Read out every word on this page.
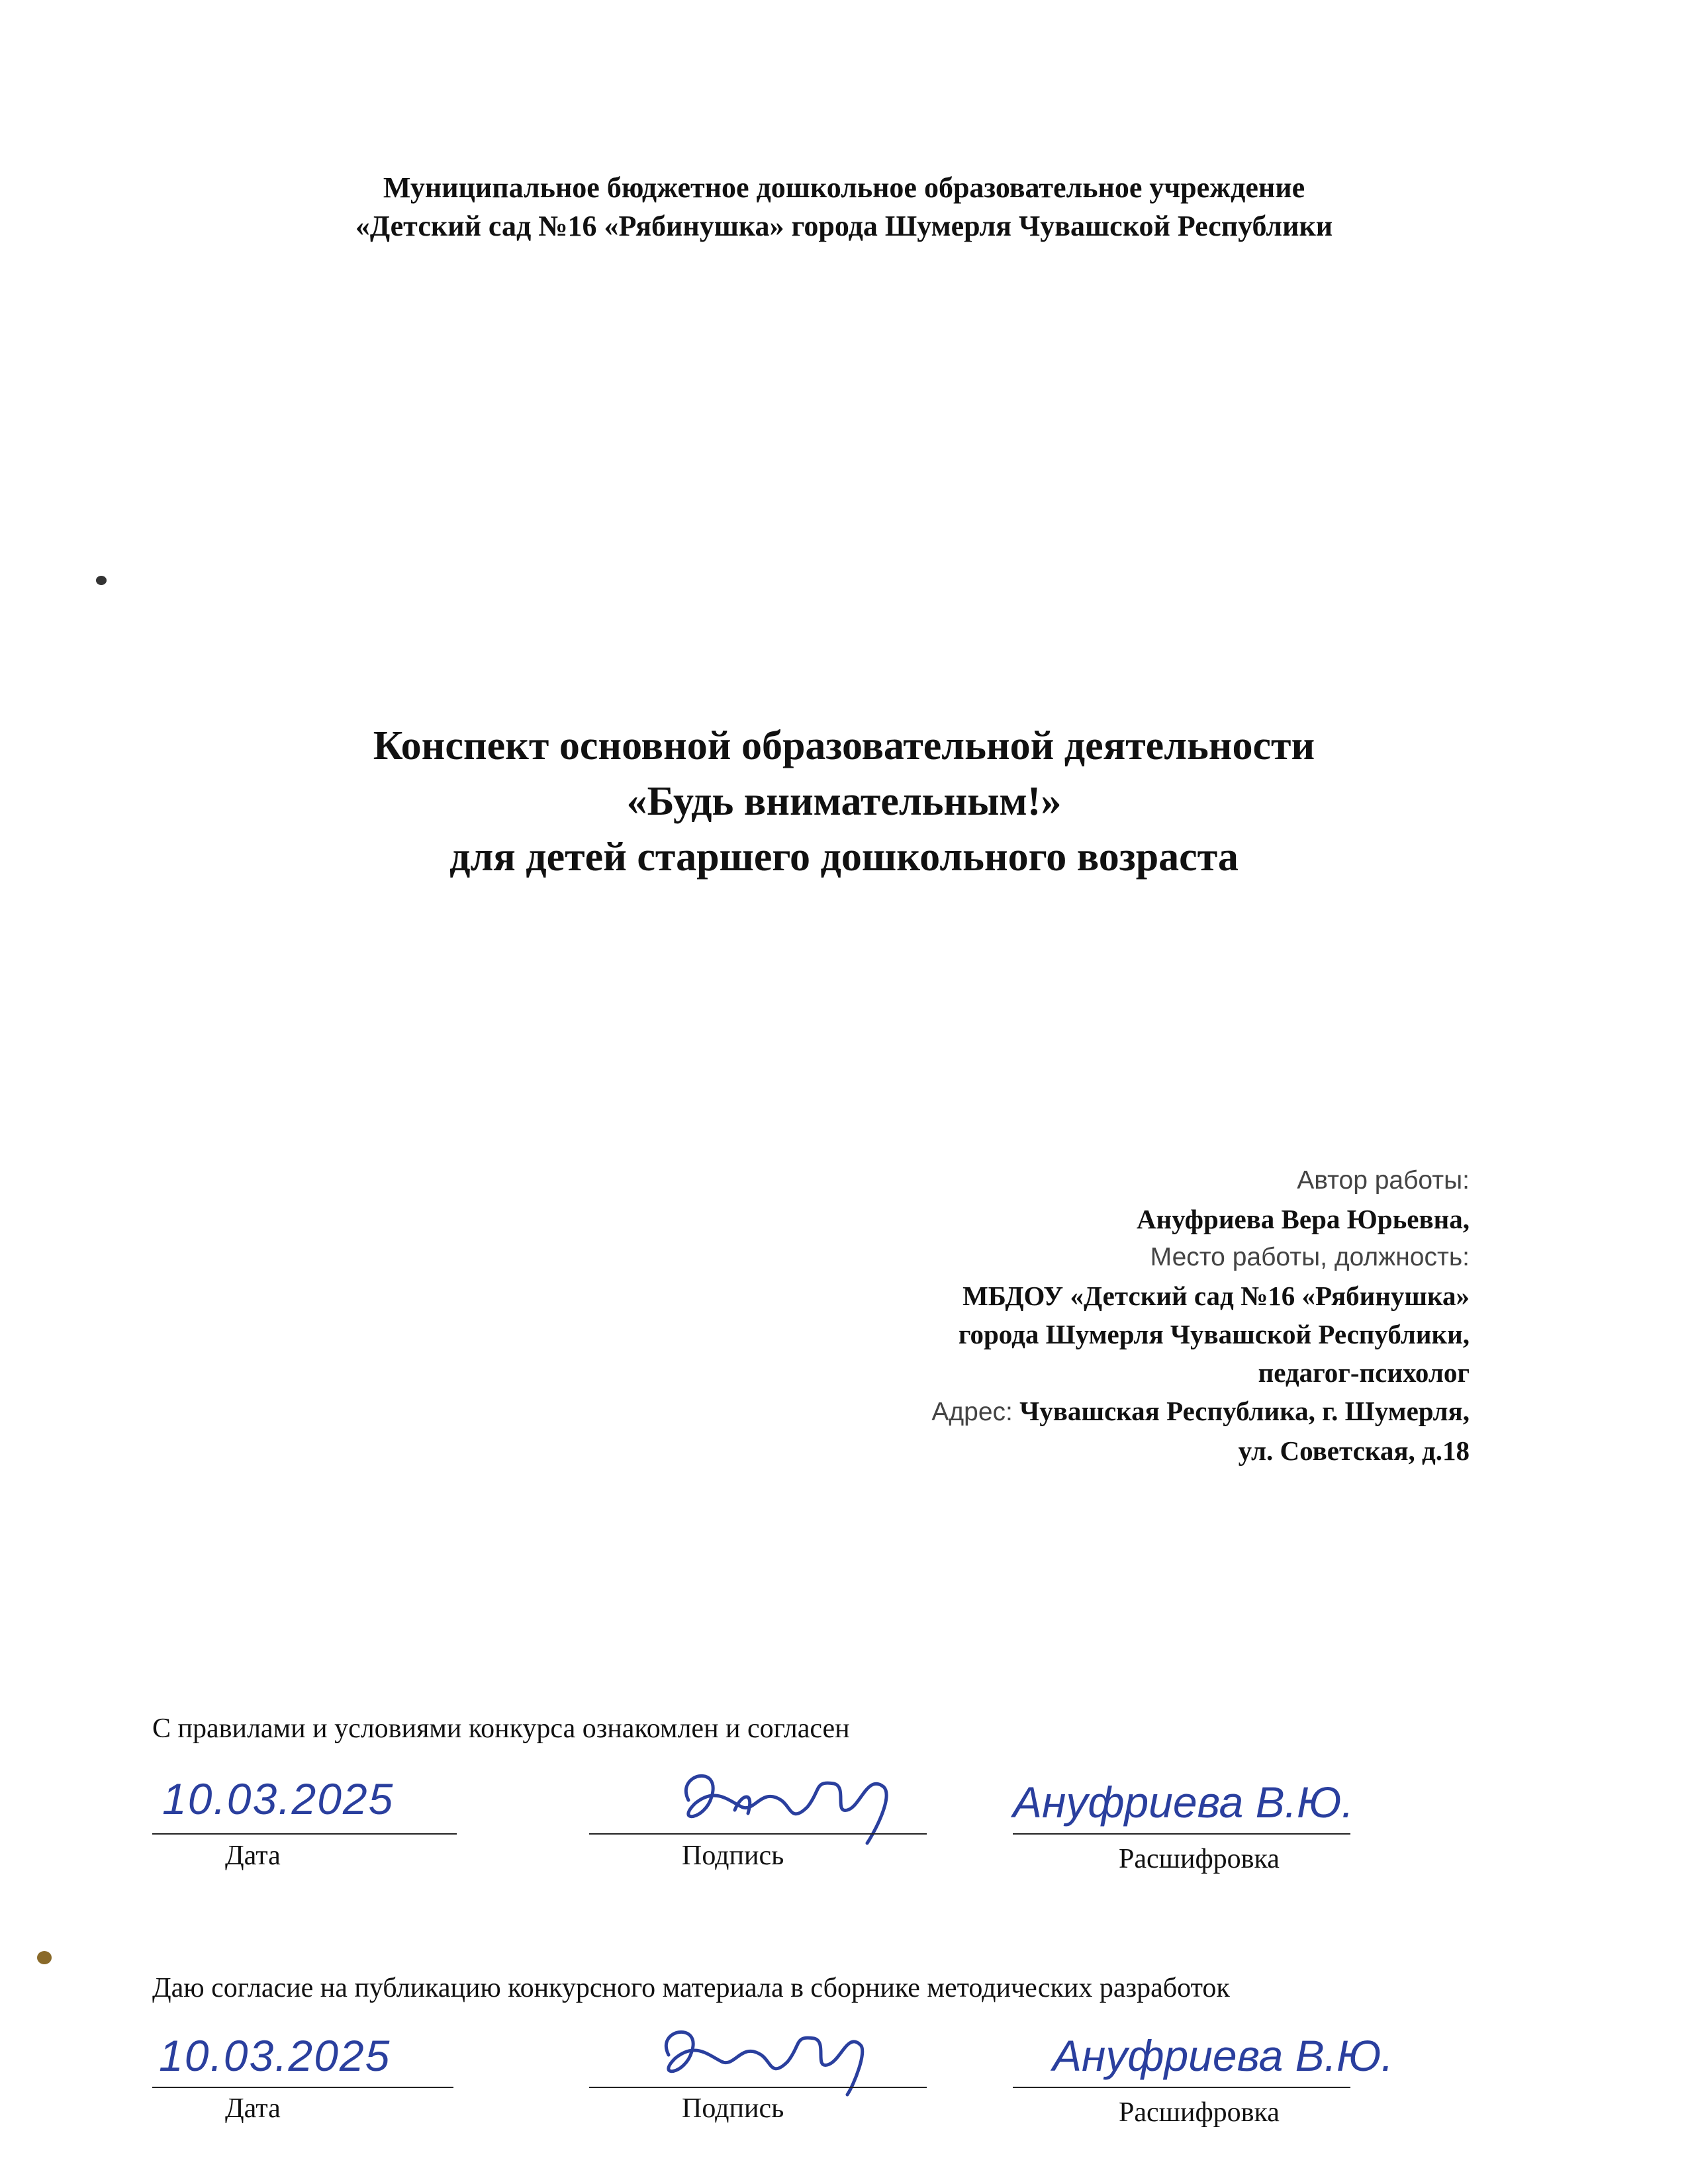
Муниципальное бюджетное дошкольное образовательное учреждение
«Детский сад №16 «Рябинушка» города Шумерля Чувашской Республики
Конспект основной образовательной деятельности
«Будь внимательным!»
для детей старшего дошкольного возраста
Автор работы:
Ануфриева Вера Юрьевна,
Место работы, должность:
МБДОУ «Детский сад №16 «Рябинушка»
города Шумерля Чувашской Республики,
педагог-психолог
Адрес: Чувашская Республика, г. Шумерля,
ул. Советская, д.18
С правилами и условиями конкурса ознакомлен и согласен
10.03.2025
Дата	Подпись
Ануфриева В.Ю.
Расшифровка
Даю согласие на публикацию конкурсного материала в сборнике методических разработок
10.03.2025
Дата	Подпись
Ануфриева В.Ю.
Расшифровка
